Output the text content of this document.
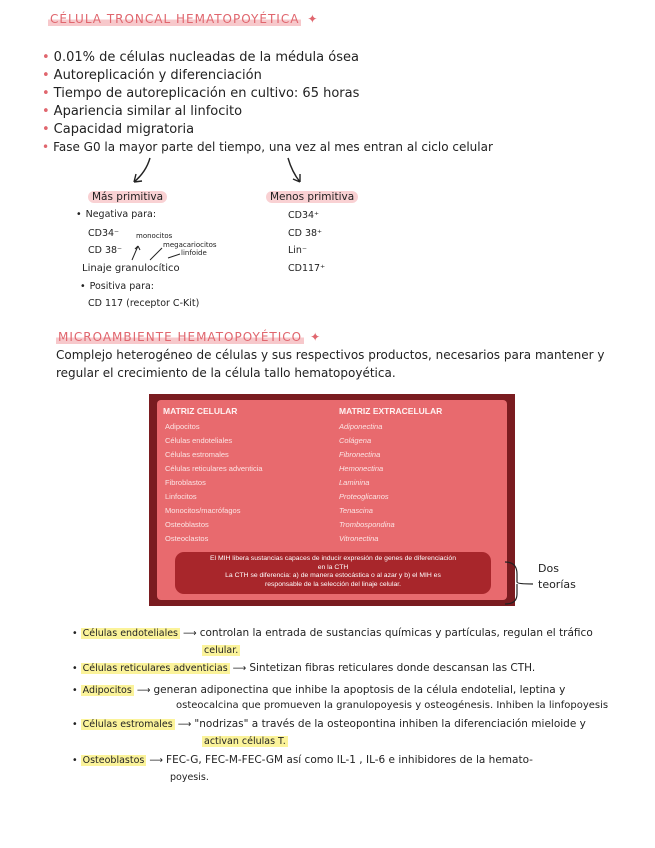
CÉLULA TRONCAL HEMATOPOYÉTICA ✦
• 0.01% de células nucleadas de la médula ósea
• Autoreplicación y diferenciación
• Tiempo de autoreplicación en cultivo: 65 horas
• Apariencia similar al linfocito
• Capacidad migratoria
• Fase G0 la mayor parte del tiempo, una vez al mes entran al ciclo celular
Más primitiva
• Negativa para:
CD34⁻
CD 38⁻
monocitos
megacariocitos
linfoide
Linaje granulocítico
• Positiva para:
CD 117 (receptor C-Kit)
Menos primitiva
CD34⁺
CD 38⁺
Lin⁻
CD117⁺
MICROAMBIENTE HEMATOPOYÉTICO ✦
Complejo heterogéneo de células y sus respectivos productos, necesarios para mantener y
regular el crecimiento de la célula tallo hematopoyética.
MATRIZ CELULAR	MATRIZ EXTRACELULAR
Adipocitos
Células endoteliales
Células estromales
Células reticulares adventicia
Fibroblastos
Linfocitos
Monocitos/macrófagos
Osteoblastos
Osteoclastos
Adiponectina
Colágena
Fibronectina
Hemonectina
Laminina
Proteoglicanos
Tenascina
Trombospondina
Vitronectina
El MIH libera sustancias capaces de inducir expresión de genes de diferenciación
en la CTH
La CTH se diferencia: a) de manera estocástica o al azar y b) el MIH es
responsable de la selección del linaje celular.
Dos
teorías
• Células endoteliales ⟶ controlan la entrada de sustancias químicas y partículas, regulan el tráfico
celular.
• Células reticulares adventicias ⟶ Sintetizan fibras reticulares donde descansan las CTH.
• Adipocitos ⟶ generan adiponectina que inhibe la apoptosis de la célula endotelial, leptina y
osteocalcina que promueven la granulopoyesis y osteogénesis. Inhiben la linfopoyesis
• Células estromales ⟶ "nodrizas" a través de la osteopontina inhiben la diferenciación mieloide y
activan células T.
• Osteoblastos ⟶ FEC-G, FEC-M-FEC-GM así como IL-1 , IL-6 e inhibidores de la hemato-
poyesis.
